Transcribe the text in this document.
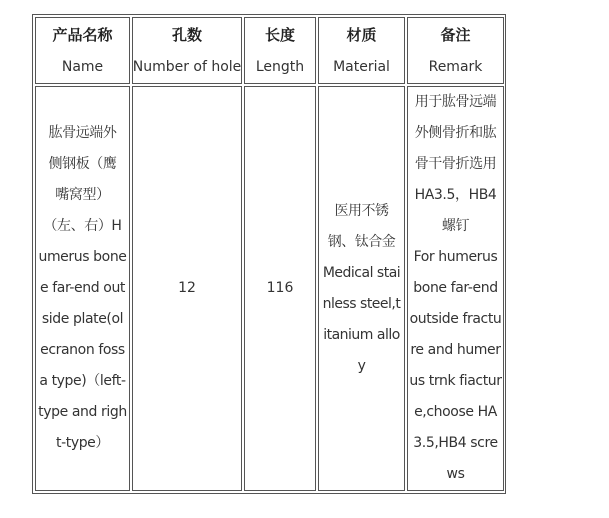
产品名称
Name
孔数
Number of hole
长度
Length
材质
Material
备注
Remark
肱骨远端外
侧钢板（鹰
嘴窝型）
（左、右）H
umerus bone
e far-end out
side plate(ol
ecranon foss
a type)（left-
type and righ
t-type）
12	116
医用不锈
钢、钛合金
Medical stai
nless steel,t
itanium allo
y
用于肱骨远端
外侧骨折和肱
骨干骨折选用
HA3.5，HB4
螺钉
For humerus
bone far-end
outside fractu
re and humer
us trnk fiactur
e,choose HA
3.5,HB4 scre
ws
